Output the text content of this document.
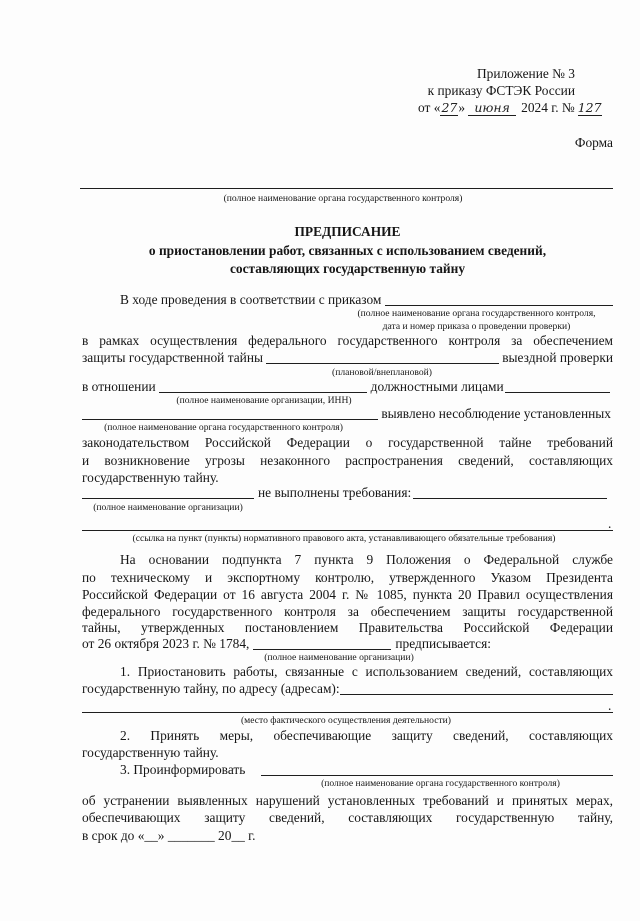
Приложение № 3
к приказу ФСТЭК России
от « 27 » июня 2024 г. № 127
Форма
(полное наименование органа государственного контроля)
ПРЕДПИСАНИЕ
о приостановлении работ, связанных с использованием сведений,
составляющих государственную тайну
В ходе проведения в соответствии с приказом
(полное наименование органа государственного контроля,
дата и номер приказа о проведении проверки)
в рамках осуществления федерального государственного контроля за обеспечением
защиты государственной тайны	выездной проверки
(плановой/внеплановой)
в отношении	должностными лицами
(полное наименование организации, ИНН)
выявлено несоблюдение установленных
(полное наименование органа государственного контроля)
законодательством Российской Федерации о государственной тайне требований
и возникновение угрозы незаконного распространения сведений, составляющих
государственную тайну.
не выполнены требования:
(полное наименование организации)
.
(ссылка на пункт (пункты) нормативного правового акта, устанавливающего обязательные требования)
На основании подпункта 7 пункта 9 Положения о Федеральной службе
по техническому и экспортному контролю, утвержденного Указом Президента
Российской Федерации от 16 августа 2004 г. № 1085, пункта 20 Правил осуществления
федерального государственного контроля за обеспечением защиты государственной
тайны, утвержденных постановлением Правительства Российской Федерации
от 26 октября 2023 г. № 1784,	предписывается:
(полное наименование организации)
1. Приостановить работы, связанные с использованием сведений, составляющих
государственную тайну, по адресу (адресам):
.
(место фактического осуществления деятельности)
2. Принять меры, обеспечивающие защиту сведений, составляющих
государственную тайну.
3. Проинформировать
(полное наименование органа государственного контроля)
об устранении выявленных нарушений установленных требований и принятых мерах,
обеспечивающих защиту сведений, составляющих государственную тайну,
в срок до «__» _______ 20__ г.
